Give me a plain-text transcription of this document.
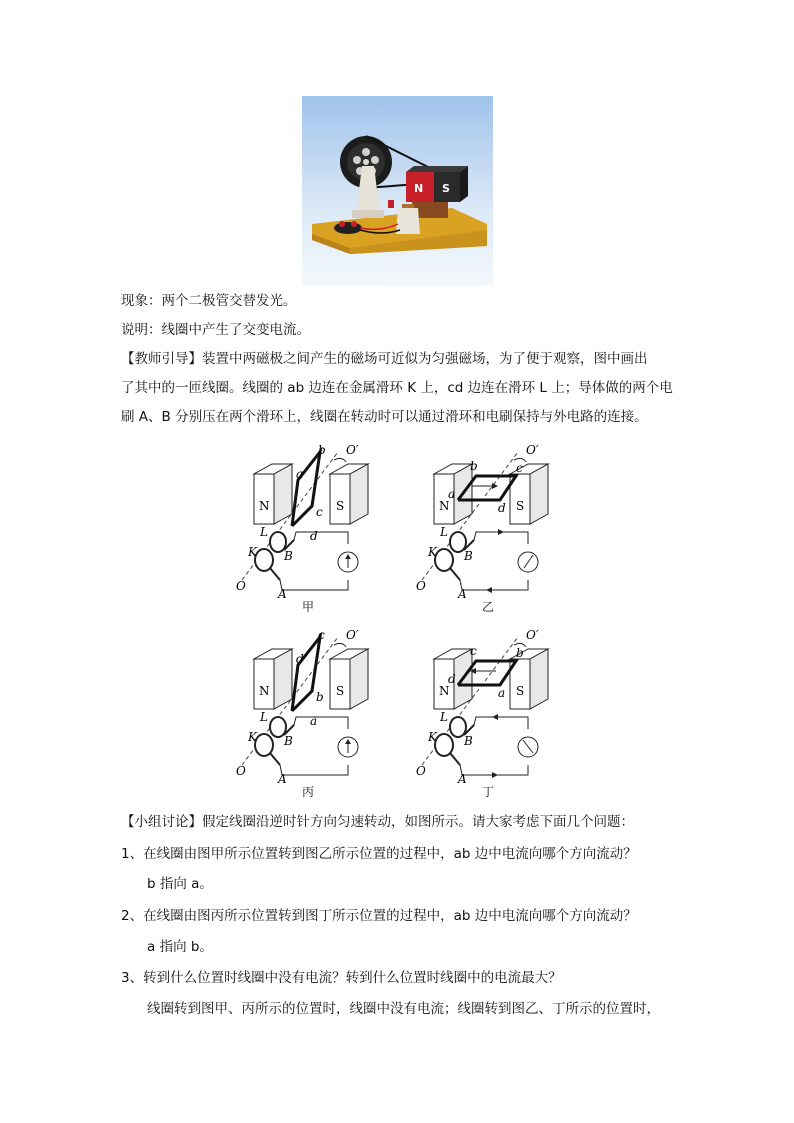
N S

现象：两个二极管交替发光。

说明：线圈中产生了交变电流。

【教师引导】装置中两磁极之间产生的磁场可近似为匀强磁场，为了便于观察，图中画出

了其中的一匝线圈。线圈的 ab 边连在金属滑环 K 上，cd 边连在滑环 L 上；导体做的两个电

刷 A、B 分别压在两个滑环上，线圈在转动时可以通过滑环和电刷保持与外电路的连接。

N	S
O′
O
b
a
c
d
K
L
B
A
甲
N	S
O′
O
b
a
c
d
K
L
B
A
乙
N	S
O′
O
c
d
b
a
K
L
B
A
丙
N	S
O′
O
c
d
b
a
K
L
B
A
丁

【小组讨论】假定线圈沿逆时针方向匀速转动，如图所示。请大家考虑下面几个问题：

1、在线圈由图甲所示位置转到图乙所示位置的过程中，ab 边中电流向哪个方向流动？

b 指向 a。

2、在线圈由图丙所示位置转到图丁所示位置的过程中，ab 边中电流向哪个方向流动？

a 指向 b。

3、转到什么位置时线圈中没有电流？转到什么位置时线圈中的电流最大？

线圈转到图甲、丙所示的位置时，线圈中没有电流；线圈转到图乙、丁所示的位置时，
